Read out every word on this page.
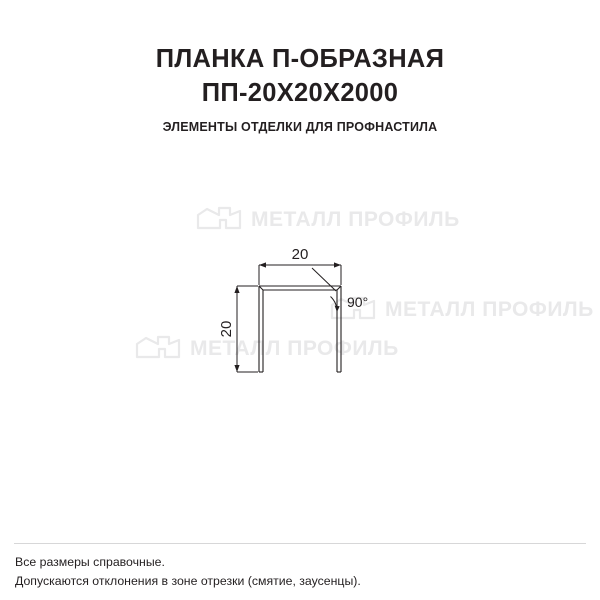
ПЛАНКА П-ОБРАЗНАЯ
ПП-20Х20Х2000
ЭЛЕМЕНТЫ ОТДЕЛКИ ДЛЯ ПРОФНАСТИЛА
МЕТАЛЛ ПРОФИЛЬ
МЕТАЛЛ ПРОФИЛЬ
МЕТАЛЛ ПРОФИЛЬ
20
20
90°
Все размеры справочные.
Допускаются отклонения в зоне отрезки (смятие, заусенцы).
